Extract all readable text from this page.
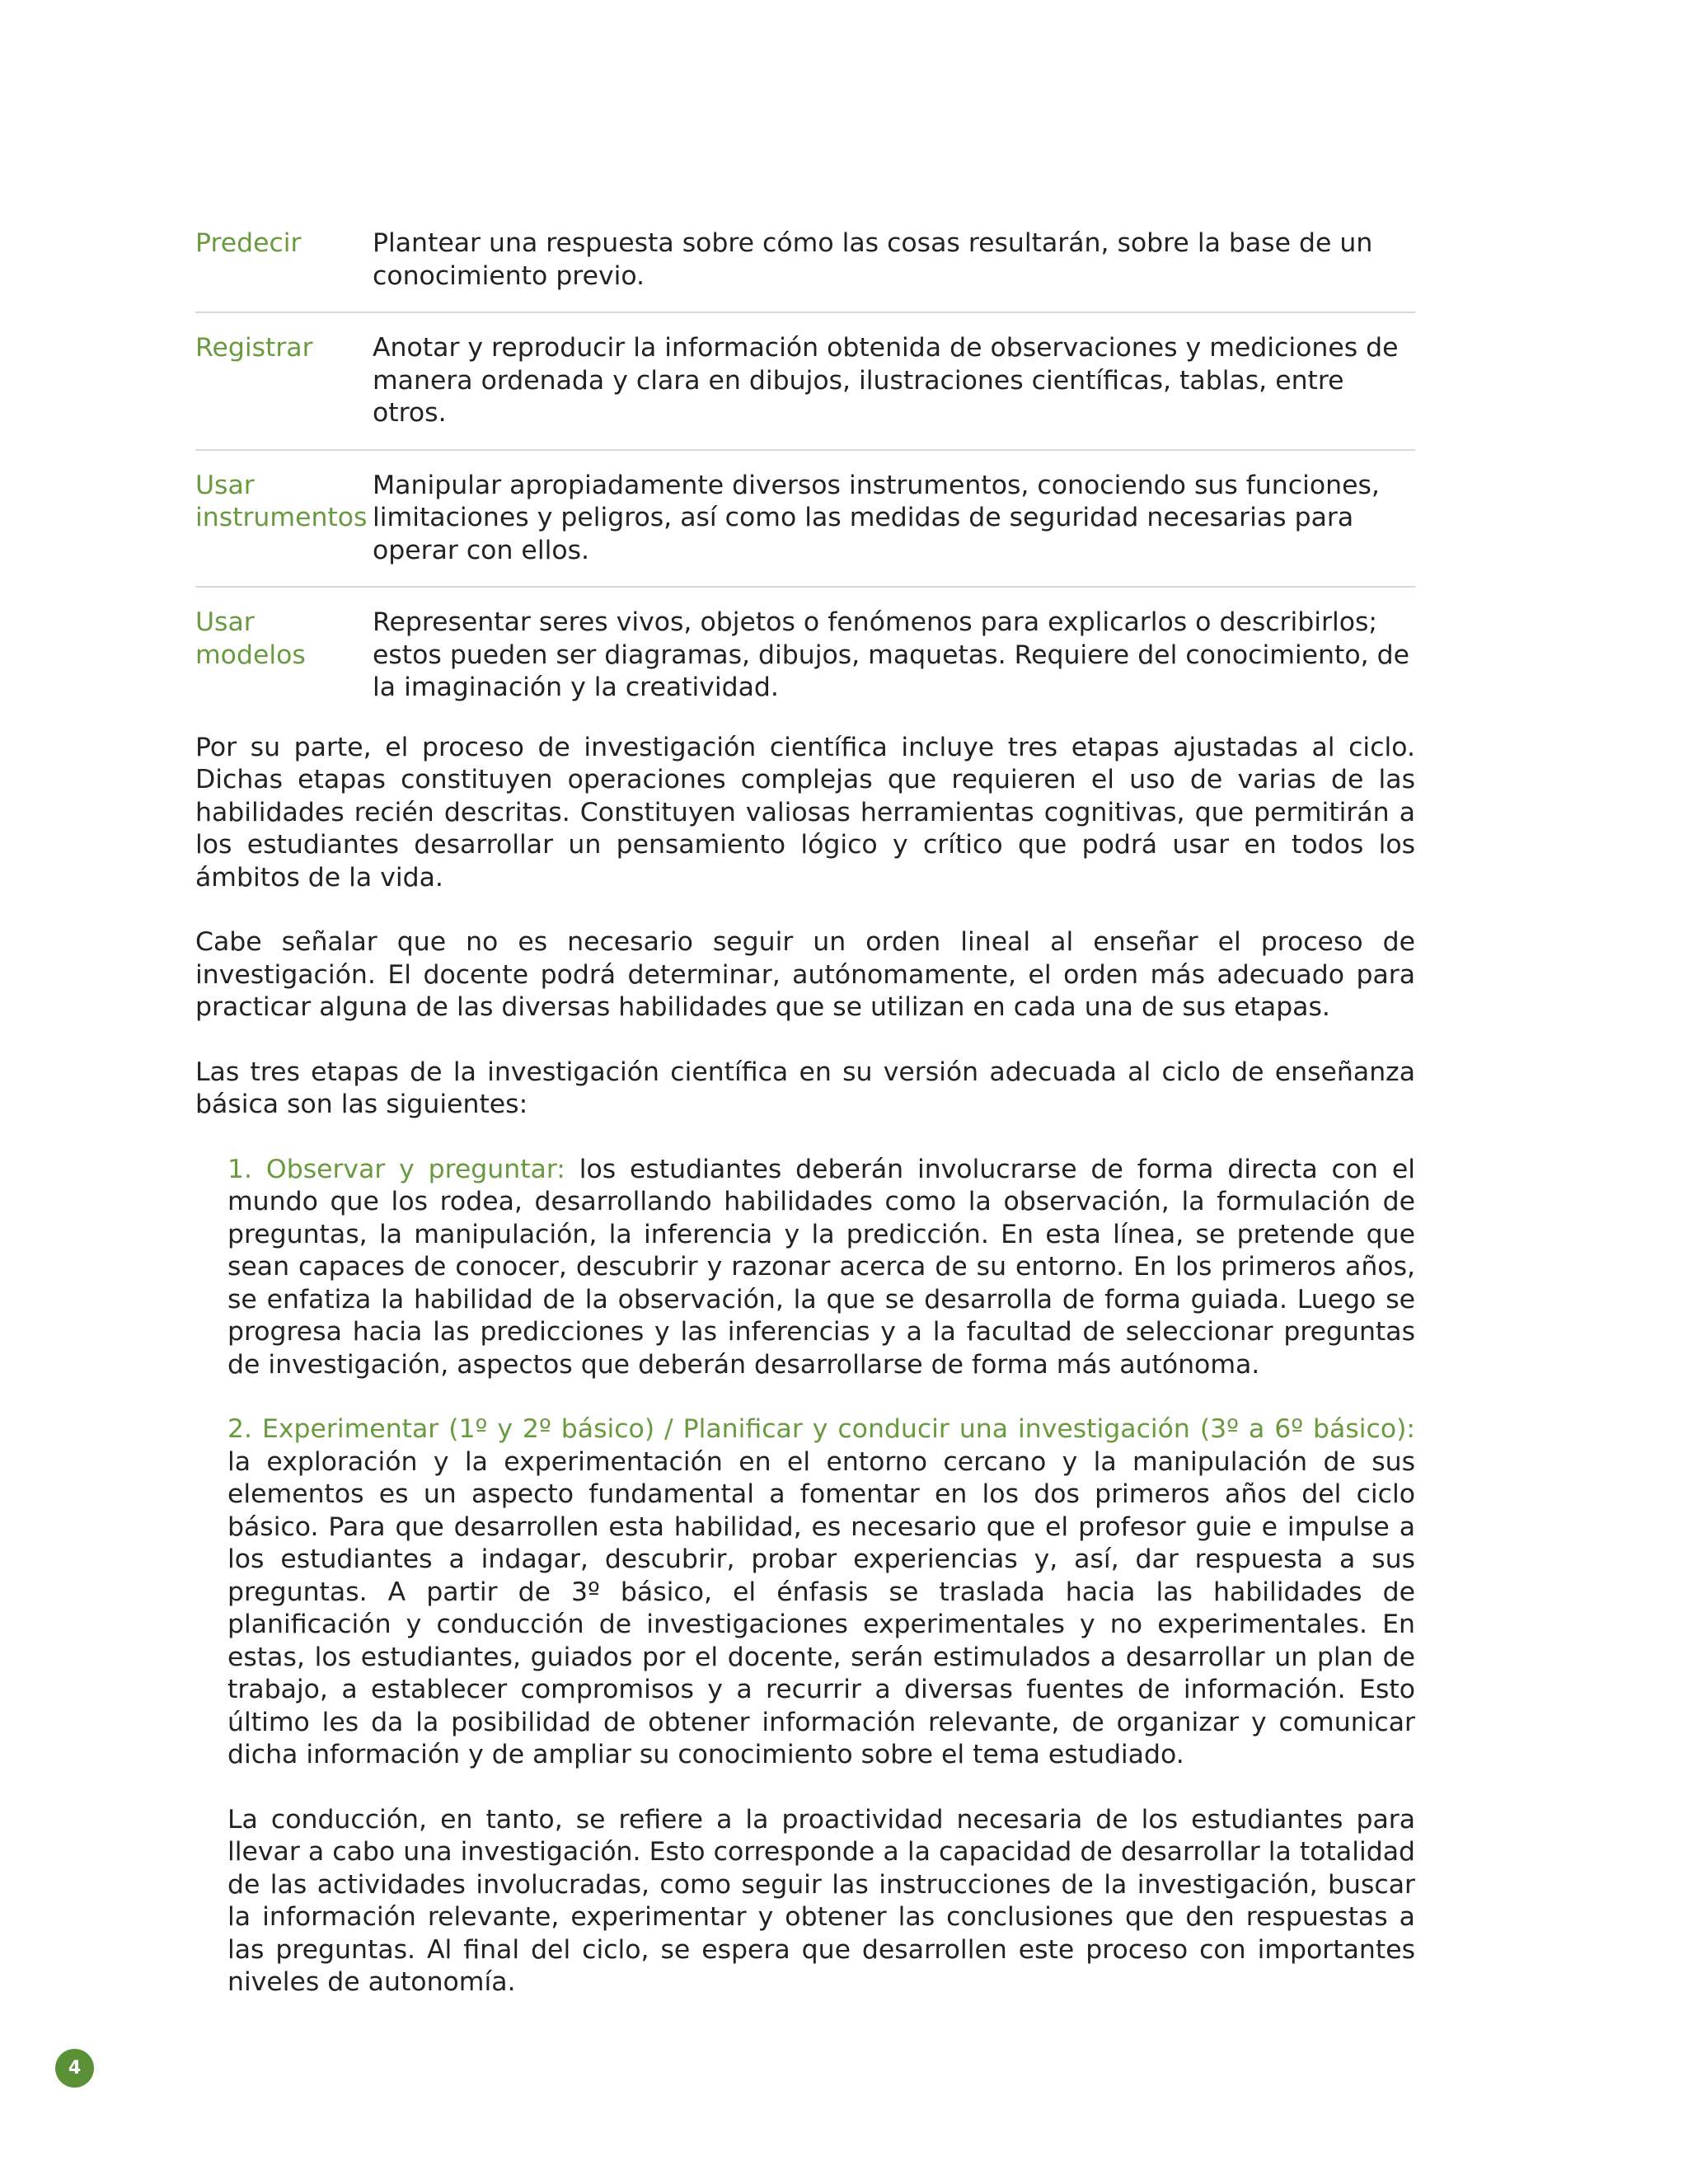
Predecir	Plantear una respuesta sobre cómo las cosas resultarán, sobre la base de un conocimiento previo.

Registrar	Anotar y reproducir la información obtenida de observaciones y mediciones de manera ordenada y clara en dibujos, ilustraciones científicas, tablas, entre otros.

Usar instrumentos	Manipular apropiadamente diversos instrumentos, conociendo sus funciones, limitaciones y peligros, así como las medidas de seguridad necesarias para operar con ellos.

Usar modelos	Representar seres vivos, objetos o fenómenos para explicarlos o describirlos; estos pueden ser diagramas, dibujos, maquetas. Requiere del conocimiento, de la imaginación y la creatividad.

Por su parte, el proceso de investigación científica incluye tres etapas ajustadas al ciclo. Dichas etapas constituyen operaciones complejas que requieren el uso de varias de las habilidades recién descritas. Constituyen valiosas herramientas cognitivas, que permitirán a los estudiantes desarrollar un pensamiento lógico y crítico que podrá usar en todos los ámbitos de la vida.

Cabe señalar que no es necesario seguir un orden lineal al enseñar el proceso de investigación. El docente podrá determinar, autónomamente, el orden más adecuado para practicar alguna de las diversas habilidades que se utilizan en cada una de sus etapas.

Las tres etapas de la investigación científica en su versión adecuada al ciclo de enseñanza básica son las siguientes:

1. Observar y preguntar: los estudiantes deberán involucrarse de forma directa con el mundo que los rodea, desarrollando habilidades como la observación, la formulación de preguntas, la manipulación, la inferencia y la predicción. En esta línea, se pretende que sean capaces de conocer, descubrir y razonar acerca de su entorno. En los primeros años, se enfatiza la habilidad de la observación, la que se desarrolla de forma guiada. Luego se progresa hacia las predicciones y las inferencias y a la facultad de seleccionar preguntas de investigación, aspectos que deberán desarrollarse de forma más autónoma.

2. Experimentar (1º y 2º básico) / Planificar y conducir una investigación (3º a 6º básico): la exploración y la experimentación en el entorno cercano y la manipulación de sus elementos es un aspecto fundamental a fomentar en los dos primeros años del ciclo básico. Para que desarrollen esta habilidad, es necesario que el profesor guie e impulse a los estudiantes a indagar, descubrir, probar experiencias y, así, dar respuesta a sus preguntas. A partir de 3º básico, el énfasis se traslada hacia las habilidades de planificación y conducción de investigaciones experimentales y no experimentales. En estas, los estudiantes, guiados por el docente, serán estimulados a desarrollar un plan de trabajo, a establecer compromisos y a recurrir a diversas fuentes de información. Esto último les da la posibilidad de obtener información relevante, de organizar y comunicar dicha información y de ampliar su conocimiento sobre el tema estudiado.

La conducción, en tanto, se refiere a la proactividad necesaria de los estudiantes para llevar a cabo una investigación. Esto corresponde a la capacidad de desarrollar la totalidad de las actividades involucradas, como seguir las instrucciones de la investigación, buscar la información relevante, experimentar y obtener las conclusiones que den respuestas a las preguntas. Al final del ciclo, se espera que desarrollen este proceso con importantes niveles de autonomía.

4
